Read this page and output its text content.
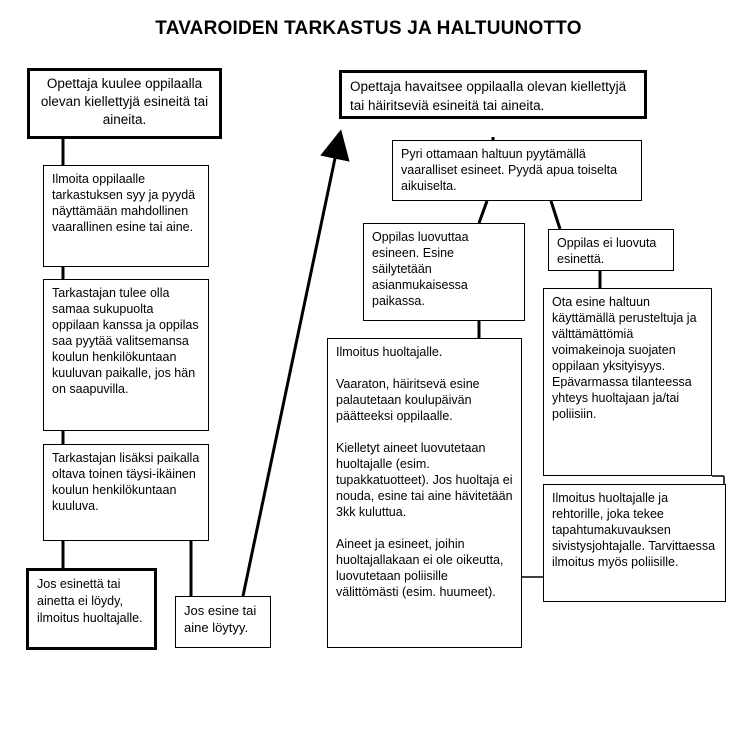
TAVAROIDEN TARKASTUS JA HALTUUNOTTO
Opettaja kuulee oppilaalla olevan kiellettyjä esineitä tai aineita.
Ilmoita oppilaalle tarkastuksen syy ja pyydä näyttämään mahdollinen vaarallinen esine tai aine.
Tarkastajan tulee olla samaa sukupuolta oppilaan kanssa ja oppilas saa pyytää valitsemansa koulun henkilökuntaan kuuluvan paikalle, jos hän on saapuvilla.
Tarkastajan lisäksi paikalla oltava toinen täysi-ikäinen koulun henkilökuntaan kuuluva.
Jos esinettä tai ainetta ei löydy, ilmoitus huoltajalle.	Jos esine tai aine löytyy.
Opettaja havaitsee oppilaalla olevan kiellettyjä tai häiritseviä esineitä tai aineita.
Pyri ottamaan haltuun pyytämällä vaaralliset esineet. Pyydä apua toiselta aikuiselta.
Oppilas luovuttaa esineen. Esine säilytetään asianmukaisessa paikassa.
Oppilas ei luovuta esinettä.
Ilmoitus huoltajalle.

Vaaraton, häiritsevä esine palautetaan koulupäivän päätteeksi oppilaalle.

Kielletyt aineet luovutetaan huoltajalle (esim. tupakkatuotteet). Jos huoltaja ei nouda, esine tai aine hävitetään 3kk kuluttua.

Aineet ja esineet, joihin huoltajallakaan ei ole oikeutta, luovutetaan poliisille välittömästi (esim. huumeet).
Ota esine haltuun käyttämällä perusteltuja ja välttämättömiä voimakeinoja suojaten oppilaan yksityisyys. Epävarmassa tilanteessa yhteys huoltajaan ja/tai poliisiin.
Ilmoitus huoltajalle ja rehtorille, joka tekee tapahtumakuvauksen sivistysjohtajalle. Tarvittaessa ilmoitus myös poliisille.
